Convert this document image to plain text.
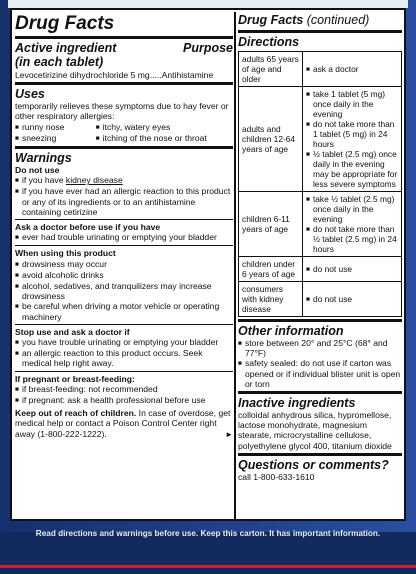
Drug Facts
Active ingredient	Purpose
(in each tablet)
Levocetirizine dihydrochloride 5 mg.....Antihistamine
Uses
temporarily relieves these symptoms due to hay fever or other respiratory allergies:
■ runny nose
■ sneezing
■ itchy, watery eyes
■ itching of the nose or throat
Warnings
Do not use
■ if you have kidney disease
■ if you have ever had an allergic reaction to this product or any of its ingredients or to an antihistamine containing cetirizine
Ask a doctor before use if you have
■ ever had trouble urinating or emptying your bladder
When using this product
■ drowsiness may occur
■ avoid alcoholic drinks
■ alcohol, sedatives, and tranquilizers may increase drowsiness
■ be careful when driving a motor vehicle or operating machinery
Stop use and ask a doctor if
■ you have trouble urinating or emptying your bladder
■ an allergic reaction to this product occurs. Seek medical help right away.
If pregnant or breast-feeding:
■ if breast-feeding: not recommended
■ if pregnant: ask a health professional before use
Keep out of reach of children. In case of overdose, get medical help or contact a Poison Control Center right away (1-800-222-1222).	►
Drug Facts (continued)
Directions
adults 65 years of age and older	■ ask a doctor

adults and children 12-64 years of age	■ take 1 tablet (5 mg) once daily in the evening
■ do not take more than 1 tablet (5 mg) in 24 hours
■ ½ tablet (2.5 mg) once daily in the evening may be appropriate for less severe symptoms

children 6-11 years of age	■ take ½ tablet (2.5 mg) once daily in the evening
■ do not take more than ½ tablet (2.5 mg) in 24 hours

children under 6 years of age	■ do not use

consumers with kidney disease	■ do not use
Other information
■ store between 20° and 25°C (68° and 77°F)
■ safety sealed: do not use if carton was opened or if individual blister unit is open or torn
Inactive ingredients
colloidal anhydrous silica, hypromellose, lactose monohydrate, magnesium stearate, microcrystalline cellulose, polyethylene glycol 400, titanium dioxide
Questions or comments?
call 1-800-633-1610
Read directions and warnings before use. Keep this carton. It has important information.
